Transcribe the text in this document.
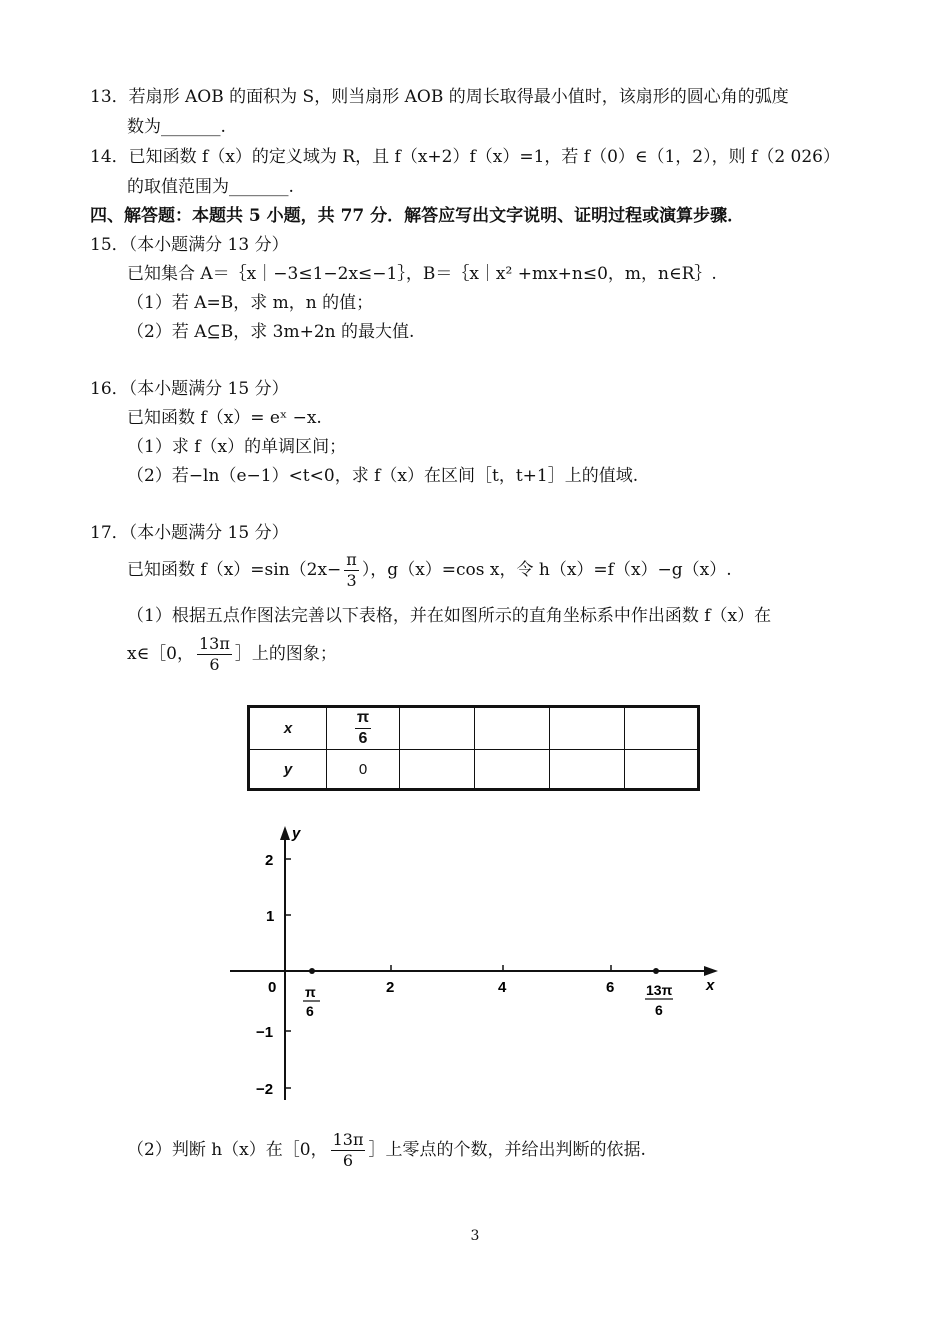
13．若扇形 AOB 的面积为 S，则当扇形 AOB 的周长取得最小值时，该扇形的圆心角的弧度
数为_______.
14．已知函数 f（x）的定义域为 R，且 f（x+2）f（x）=1，若 f（0）∈（1，2），则 f（2 026）
的取值范围为_______.
四、解答题：本题共 5 小题，共 77 分．解答应写出文字说明、证明过程或演算步骤．
15．（本小题满分 13 分）
已知集合 A＝｛x｜−3≤1−2x≤−1｝，B＝｛x｜x² +mx+n≤0，m，n∈R｝.
（1）若 A=B，求 m，n 的值；
（2）若 A⊆B，求 3m+2n 的最大值.
16．（本小题满分 15 分）
已知函数 f（x）= eˣ −x.
（1）求 f（x）的单调区间；
（2）若−ln（e−1）<t<0，求 f（x）在区间［t，t+1］上的值域.
17．（本小题满分 15 分）
已知函数 $f(x)=\sin(2x- \frac{\pi}{3}$ ），g（x）=cos x，令 h（x）=f（x）−g（x）.
（1）根据五点作图法完善以下表格，并在如图所示的直角坐标系中作出函数 f（x）在
x∈［0， $\frac{13\pi}{6}$ ］上的图象；
x	$\frac{\pi}{6}$

y	0				
2
1
−1
−2
y
0	2	4	6	x
π
6
13π
6
（2）判断 h（x）在［0， $\frac{13\pi}{6}$ ］上零点的个数，并给出判断的依据.
3
